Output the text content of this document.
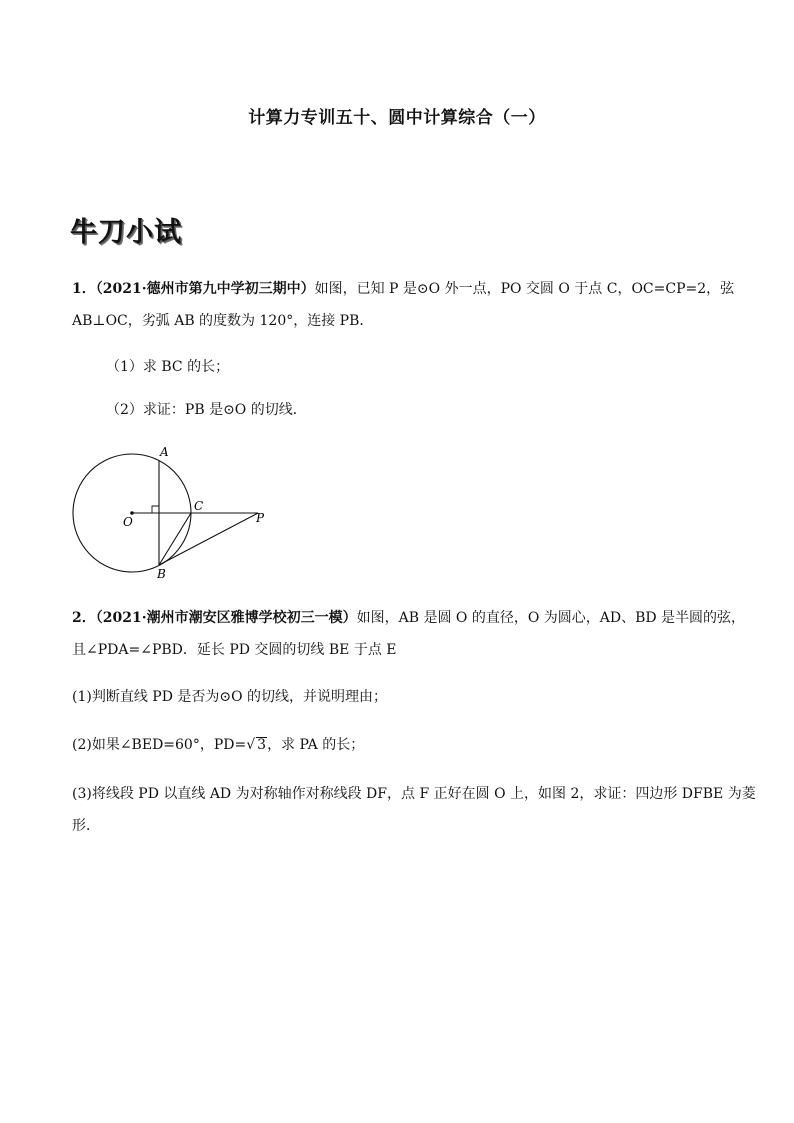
计算力专训五十、圆中计算综合（一）
牛刀小试
1．（2021·德州市第九中学初三期中）如图，已知 P 是⊙O 外一点，PO 交圆 O 于点 C，OC=CP=2，弦
AB⊥OC，劣弧 AB 的度数为 120°，连接 PB．
（1）求 BC 的长；
（2）求证：PB 是⊙O 的切线．
A
B
C
O	P
2．（2021·潮州市潮安区雅博学校初三一模）如图，AB 是圆 O 的直径，O 为圆心，AD、BD 是半圆的弦，
且∠PDA=∠PBD．延长 PD 交圆的切线 BE 于点 E
(1)判断直线 PD 是否为⊙O 的切线，并说明理由；
(2)如果∠BED=60°，PD=√ 3，求 PA 的长；
(3)将线段 PD 以直线 AD 为对称轴作对称线段 DF，点 F 正好在圆 O 上，如图 2，求证：四边形 DFBE 为菱
形．
